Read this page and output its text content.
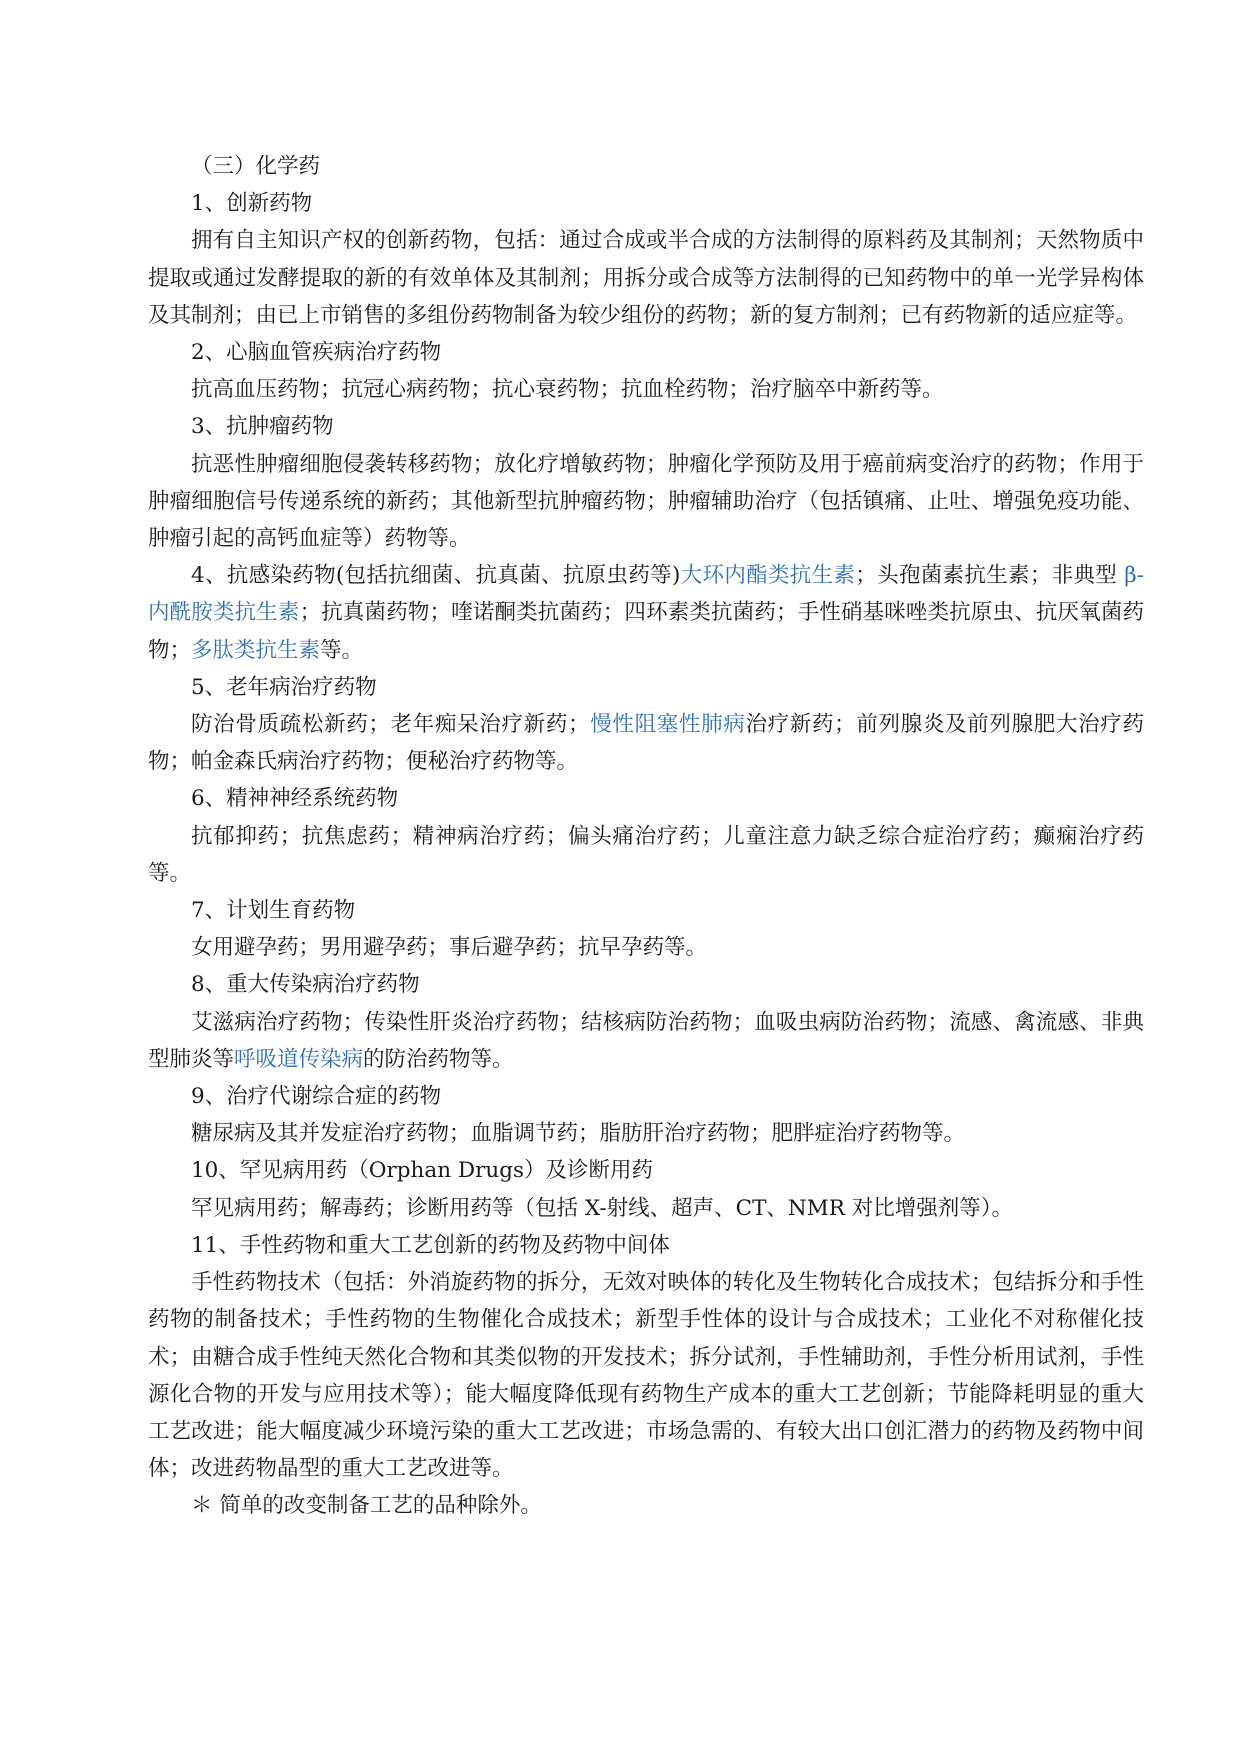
（三）化学药
1、创新药物
拥有自主知识产权的创新药物，包括：通过合成或半合成的方法制得的原料药及其制剂；天然物质中提取或通过发酵提取的新的有效单体及其制剂；用拆分或合成等方法制得的已知药物中的单一光学异构体及其制剂；由已上市销售的多组份药物制备为较少组份的药物；新的复方制剂；已有药物新的适应症等。
2、心脑血管疾病治疗药物
抗高血压药物；抗冠心病药物；抗心衰药物；抗血栓药物；治疗脑卒中新药等。
3、抗肿瘤药物
抗恶性肿瘤细胞侵袭转移药物；放化疗增敏药物；肿瘤化学预防及用于癌前病变治疗的药物；作用于肿瘤细胞信号传递系统的新药；其他新型抗肿瘤药物；肿瘤辅助治疗（包括镇痛、止吐、增强免疫功能、肿瘤引起的高钙血症等）药物等。
4、抗感染药物(包括抗细菌、抗真菌、抗原虫药等)大环内酯类抗生素；头孢菌素抗生素；非典型 β-内酰胺类抗生素；抗真菌药物；喹诺酮类抗菌药；四环素类抗菌药；手性硝基咪唑类抗原虫、抗厌氧菌药物；多肽类抗生素等。
5、老年病治疗药物
防治骨质疏松新药；老年痴呆治疗新药；慢性阻塞性肺病治疗新药；前列腺炎及前列腺肥大治疗药物；帕金森氏病治疗药物；便秘治疗药物等。
6、精神神经系统药物
抗郁抑药；抗焦虑药；精神病治疗药；偏头痛治疗药；儿童注意力缺乏综合症治疗药；癫痫治疗药等。
7、计划生育药物
女用避孕药；男用避孕药；事后避孕药；抗早孕药等。
8、重大传染病治疗药物
艾滋病治疗药物；传染性肝炎治疗药物；结核病防治药物；血吸虫病防治药物；流感、禽流感、非典型肺炎等呼吸道传染病的防治药物等。
9、治疗代谢综合症的药物
糖尿病及其并发症治疗药物；血脂调节药；脂肪肝治疗药物；肥胖症治疗药物等。
10、罕见病用药（Orphan Drugs）及诊断用药
罕见病用药；解毒药；诊断用药等（包括 X-射线、超声、CT、NMR 对比增强剂等）。
11、手性药物和重大工艺创新的药物及药物中间体
手性药物技术（包括：外消旋药物的拆分，无效对映体的转化及生物转化合成技术；包结拆分和手性药物的制备技术；手性药物的生物催化合成技术；新型手性体的设计与合成技术；工业化不对称催化技术；由糖合成手性纯天然化合物和其类似物的开发技术；拆分试剂，手性辅助剂，手性分析用试剂，手性源化合物的开发与应用技术等）；能大幅度降低现有药物生产成本的重大工艺创新；节能降耗明显的重大工艺改进；能大幅度减少环境污染的重大工艺改进；市场急需的、有较大出口创汇潜力的药物及药物中间体；改进药物晶型的重大工艺改进等。
＊ 简单的改变制备工艺的品种除外。
